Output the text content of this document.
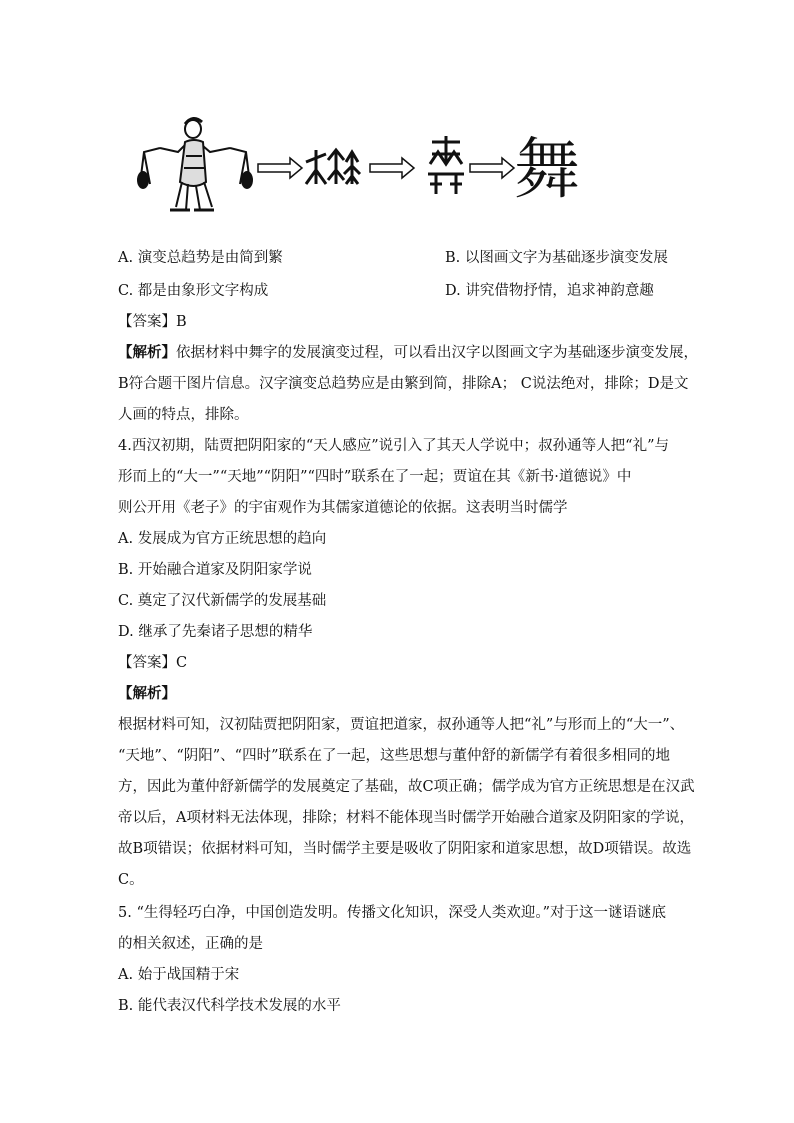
舞
A. 演变总趋势是由简到繁	B. 以图画文字为基础逐步演变发展
C. 都是由象形文字构成	D. 讲究借物抒情，追求神韵意趣
【答案】B
【解析】依据材料中舞字的发展演变过程，可以看出汉字以图画文字为基础逐步演变发展，
B符合题干图片信息。汉字演变总趋势应是由繁到简，排除A； C说法绝对，排除；D是文
人画的特点，排除。
4.西汉初期，陆贾把阴阳家的“天人感应”说引入了其天人学说中；叔孙通等人把“礼”与
形而上的“大一”“天地”“阴阳”“四时”联系在了一起；贾谊在其《新书·道德说》中
则公开用《老子》的宇宙观作为其儒家道德论的依据。这表明当时儒学
A. 发展成为官方正统思想的趋向
B. 开始融合道家及阴阳家学说
C. 奠定了汉代新儒学的发展基础
D. 继承了先秦诸子思想的精华
【答案】C
【解析】
根据材料可知，汉初陆贾把阴阳家，贾谊把道家，叔孙通等人把“礼”与形而上的“大一”、
“天地”、“阴阳”、“四时”联系在了一起，这些思想与董仲舒的新儒学有着很多相同的地
方，因此为董仲舒新儒学的发展奠定了基础，故C项正确；儒学成为官方正统思想是在汉武
帝以后，A项材料无法体现，排除；材料不能体现当时儒学开始融合道家及阴阳家的学说，
故B项错误；依据材料可知，当时儒学主要是吸收了阴阳家和道家思想，故D项错误。故选
C。
5. “生得轻巧白净，中国创造发明。传播文化知识，深受人类欢迎。”对于这一谜语谜底
的相关叙述，正确的是
A. 始于战国精于宋
B. 能代表汉代科学技术发展的水平
